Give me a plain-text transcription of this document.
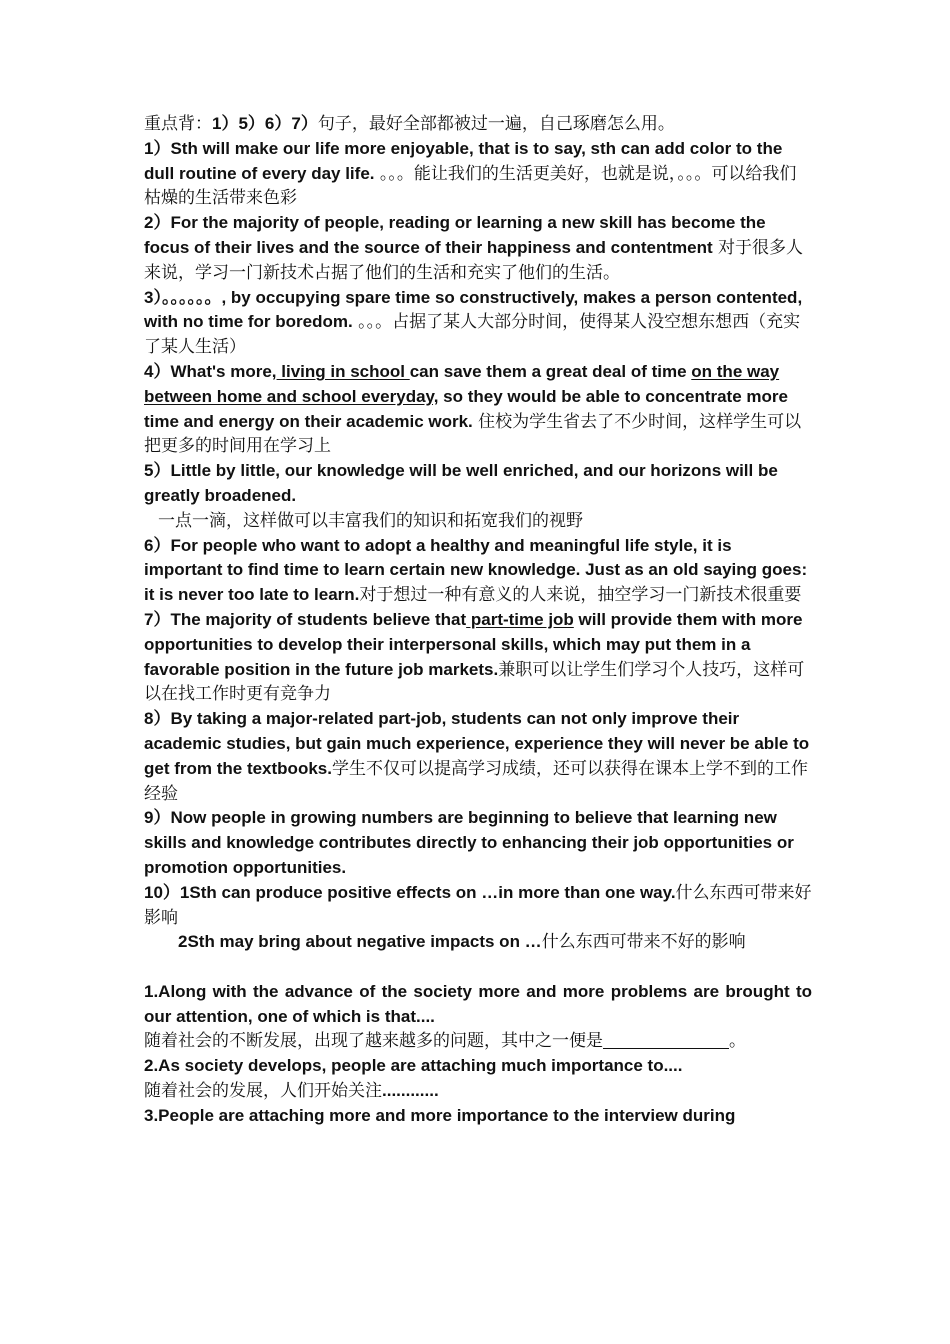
重点背：1）5）6）7）句子，最好全部都被过一遍，自己琢磨怎么用。

1）Sth will make our life more enjoyable, that is to say, sth can add color to the dull routine of every day life. 。。。能让我们的生活更美好，也就是说，。。。可以给我们枯燥的生活带来色彩

2）For the majority of people, reading or learning a new skill has become the focus of their lives and the source of their happiness and contentment 对于很多人来说，学习一门新技术占据了他们的生活和充实了他们的生活。

3）。。。。。。, by occupying spare time so constructively, makes a person contented, with no time for boredom. 。。。占据了某人大部分时间，使得某人没空想东想西（充实了某人生活）

4）What's more, living in school can save them a great deal of time on the way between home and school everyday, so they would be able to concentrate more time and energy on their academic work. 住校为学生省去了不少时间，这样学生可以把更多的时间用在学习上

5）Little by little, our knowledge will be well enriched, and our horizons will be greatly broadened.

一点一滴，这样做可以丰富我们的知识和拓宽我们的视野

6）For people who want to adopt a healthy and meaningful life style, it is important to find time to learn certain new knowledge. Just as an old saying goes: it is never too late to learn.对于想过一种有意义的人来说，抽空学习一门新技术很重要

7）The majority of students believe that part-time job will provide them with more opportunities to develop their interpersonal skills, which may put them in a favorable position in the future job markets.兼职可以让学生们学习个人技巧，这样可以在找工作时更有竞争力

8）By taking a major-related part-job, students can not only improve their academic studies, but gain much experience, experience they will never be able to get from the textbooks.学生不仅可以提高学习成绩，还可以获得在课本上学不到的工作经验

9）Now people in growing numbers are beginning to believe that learning new skills and knowledge contributes directly to enhancing their job opportunities or promotion opportunities.

10）1Sth can produce positive effects on …in more than one way.什么东西可带来好影响

2Sth may bring about negative impacts on …什么东西可带来不好的影响

1.Along with the advance of the society more and more problems are brought to our attention, one of which is that....

随着社会的不断发展，出现了越来越多的问题，其中之一便是	。

2.As society develops, people are attaching much importance to....

随着社会的发展，人们开始关注............

3.People are attaching more and more importance to the interview during
